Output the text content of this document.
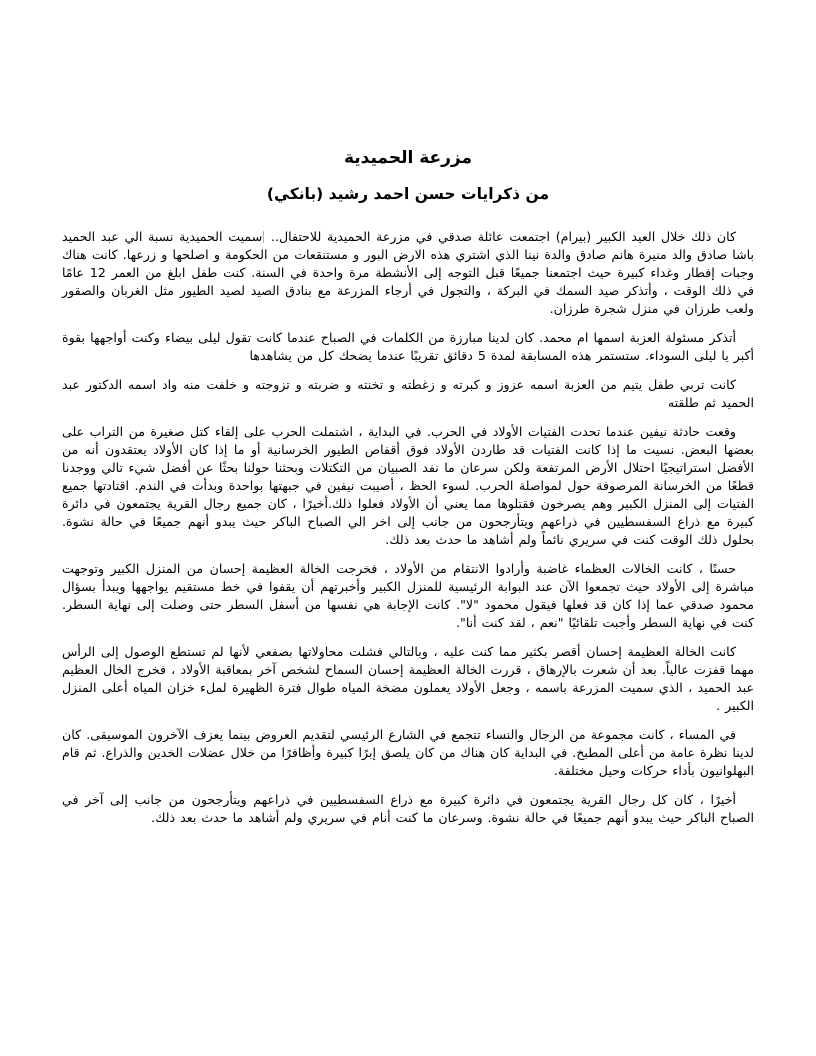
مزرعة الحميدية
من ذكرايات حسن احمد رشيد (بانكي)

كان ذلك خلال العيد الكبير (بيرام) اجتمعت عائلة صدقي في مزرعة الحميدية للاحتفال.. سميت الحميدية نسبة الي عبد الحميد باشا صادق والد منيرة هانم صادق والدة نينا الذي اشتري هذه الارض البور و مستنقعات من الحكومة و اصلحها و زرعها. كانت هناك وجبات إفطار وغداء كبيرة حيث اجتمعنا جميعًا قبل التوجه إلى الأنشطة مرة واحدة في السنة. كنت طفل ابلغ من العمر 12 عامًا في ذلك الوقت ، وأتذكر صيد السمك في البركة ، والتجول في أرجاء المزرعة مع بنادق الصيد لصيد الطيور مثل الغربان والصقور ولعب طرزان في منزل شجرة طرزان.

أتذكر مسئولة العزبة اسمها ام محمد. كان لدينا مبارزة من الكلمات في الصباح عندما كانت تقول ليلى بيضاء وكنت أواجهها بقوة أكبر يا ليلى السوداء. ستستمر هذه المسابقة لمدة 5 دقائق تقريبًا عندما يضحك كل من يشاهدها

كانت تربي طفل يتيم من العزبة اسمه عزوز و كبرته و زغطته و تخنته و ضربته و تزوجته و خلفت منه واد اسمه الدكتور عبد الحميد ثم طلقته

وقعت حادثة نيفين عندما تحدت الفتيات الأولاد في الحرب. في البداية ، اشتملت الحرب على إلقاء كتل صغيرة من التراب على بعضها البعض. نسيت ما إذا كانت الفتيات قد طاردن الأولاد فوق أقفاص الطيور الخرسانية أو ما إذا كان الأولاد يعتقدون أنه من الأفضل استراتيجيًا احتلال الأرض المرتفعة ولكن سرعان ما نفد الصبيان من التكتلات وبحثنا حولنا بحثًا عن أفضل شيء تالي ووجدنا قطعًا من الخرسانة المرصوفة حول لمواصلة الحرب. لسوء الحظ ، أصيبت نيفين في جبهتها بواحدة وبدأت في الندم. اقتادتها جميع الفتيات إلى المنزل الكبير وهم يصرخون فقتلوها مما يعني أن الأولاد فعلوا ذلك.أخيرًا ، كان جميع رجال القرية يجتمعون في دائرة كبيرة مع ذراع السفسطيين في ذراعهم ويتأرجحون من جانب إلى اخر الي الصباح الباكر حيث يبدو أنهم جميعًا في حالة نشوة. بحلول ذلك الوقت كنت في سريري نائماً ولم أشاهد ما حدث بعد ذلك.

حسنًا ، كانت الخالات العظماء غاضبة وأرادوا الانتقام من الأولاد ، فخرجت الخالة العظيمة إحسان من المنزل الكبير وتوجهت مباشرة إلى الأولاد حيث تجمعوا الآن عند البوابة الرئيسية للمنزل الكبير وأخبرتهم أن يقفوا في خط مستقيم يواجهها ويبدأ بسؤال محمود صدقي عما إذا كان قد فعلها فيقول محمود "لا". كانت الإجابة هي نفسها من أسفل السطر حتى وصلت إلى نهاية السطر. كنت في نهاية السطر وأجبت تلقائيًا "نعم ، لقد كنت أنا".

كانت الخالة العظيمة إحسان أقصر بكثير مما كنت عليه ، وبالتالي فشلت محاولاتها بصفعي لأنها لم تستطع الوصول إلى الرأس مهما قفزت عالياً. بعد أن شعرت بالإرهاق ، قررت الخالة العظيمة إحسان السماح لشخص آخر بمعاقبة الأولاد ، فخرج الخال العظيم عبد الحميد ، الذي سميت المزرعة باسمه ، وجعل الأولاد يعملون مضخة المياه طوال فترة الظهيرة لملء خزان المياه أعلى المنزل الكبير .

في المساء ، كانت مجموعة من الرجال والنساء تتجمع في الشارع الرئيسي لتقديم العروض بينما يعزف الآخرون الموسيقى. كان لدينا نظرة عامة من أعلى المطبخ. في البداية كان هناك من كان يلصق إبرًا كبيرة وأظافرًا من خلال عضلات الخدين والذراع. ثم قام البهلوانيون بأداء حركات وحيل مختلفة.

أخيرًا ، كان كل رجال القرية يجتمعون في دائرة كبيرة مع ذراع السفسطيين في ذراعهم ويتأرجحون من جانب إلى آخر في الصباح الباكر حيث يبدو أنهم جميعًا في حالة نشوة. وسرعان ما كنت أنام في سريري ولم أشاهد ما حدث بعد ذلك.
